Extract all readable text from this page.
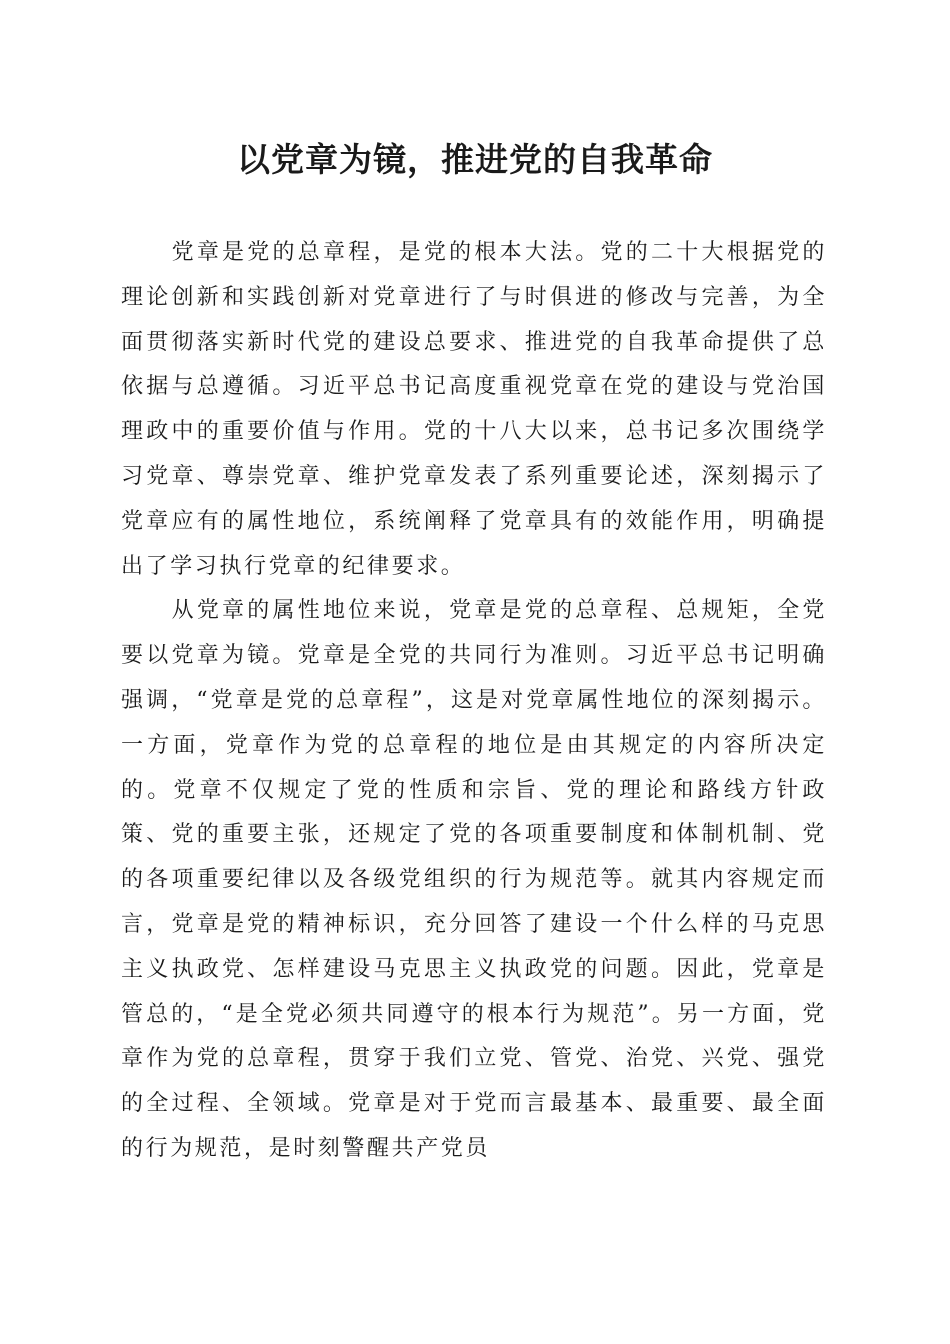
以党章为镜，推进党的自我革命

党章是党的总章程，是党的根本大法。党的二十大根据党的理论创新和实践创新对党章进行了与时俱进的修改与完善，为全面贯彻落实新时代党的建设总要求、推进党的自我革命提供了总依据与总遵循。习近平总书记高度重视党章在党的建设与党治国理政中的重要价值与作用。党的十八大以来，总书记多次围绕学习党章、尊崇党章、维护党章发表了系列重要论述，深刻揭示了党章应有的属性地位，系统阐释了党章具有的效能作用，明确提出了学习执行党章的纪律要求。

从党章的属性地位来说，党章是党的总章程、总规矩，全党要以党章为镜。党章是全党的共同行为准则。习近平总书记明确强调，“党章是党的总章程”，这是对党章属性地位的深刻揭示。一方面，党章作为党的总章程的地位是由其规定的内容所决定的。党章不仅规定了党的性质和宗旨、党的理论和路线方针政策、党的重要主张，还规定了党的各项重要制度和体制机制、党的各项重要纪律以及各级党组织的行为规范等。就其内容规定而言，党章是党的精神标识，充分回答了建设一个什么样的马克思主义执政党、怎样建设马克思主义执政党的问题。因此，党章是管总的，“是全党必须共同遵守的根本行为规范”。另一方面，党章作为党的总章程，贯穿于我们立党、管党、治党、兴党、强党的全过程、全领域。党章是对于党而言最基本、最重要、最全面的行为规范，是时刻警醒共产党员
